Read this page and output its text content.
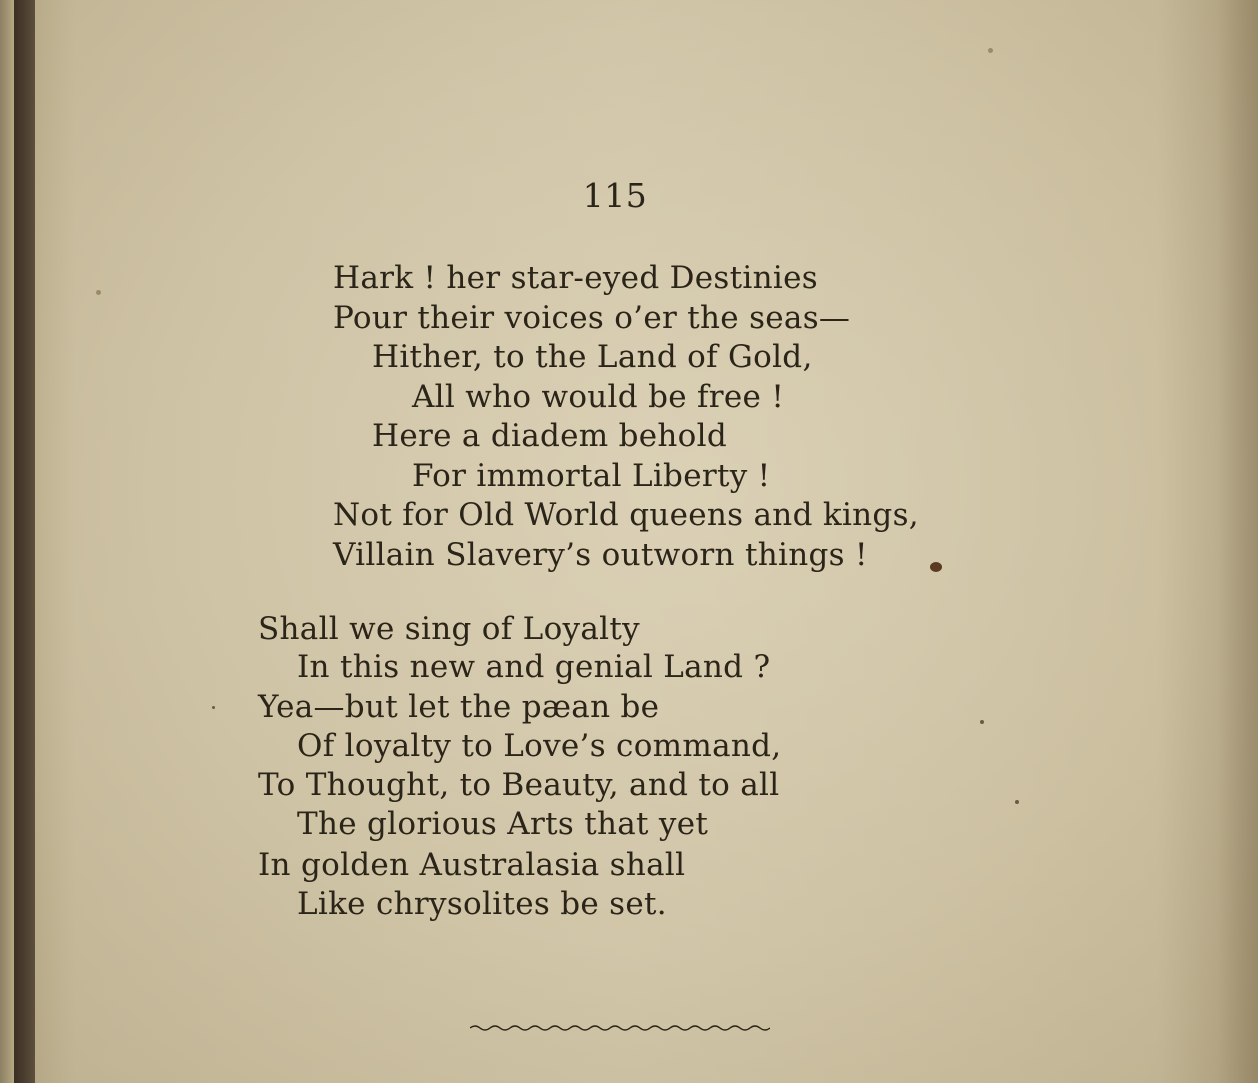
115
Hark ! her star-eyed Destinies
Pour their voices o’er the seas—
Hither, to the Land of Gold,
All who would be free !
Here a diadem behold
For immortal Liberty !
Not for Old World queens and kings,
Villain Slavery’s outworn things !
Shall we sing of Loyalty
In this new and genial Land ?
Yea—but let the pæan be
Of loyalty to Love’s command,
To Thought, to Beauty, and to all
The glorious Arts that yet
In golden Australasia shall
Like chrysolites be set.
